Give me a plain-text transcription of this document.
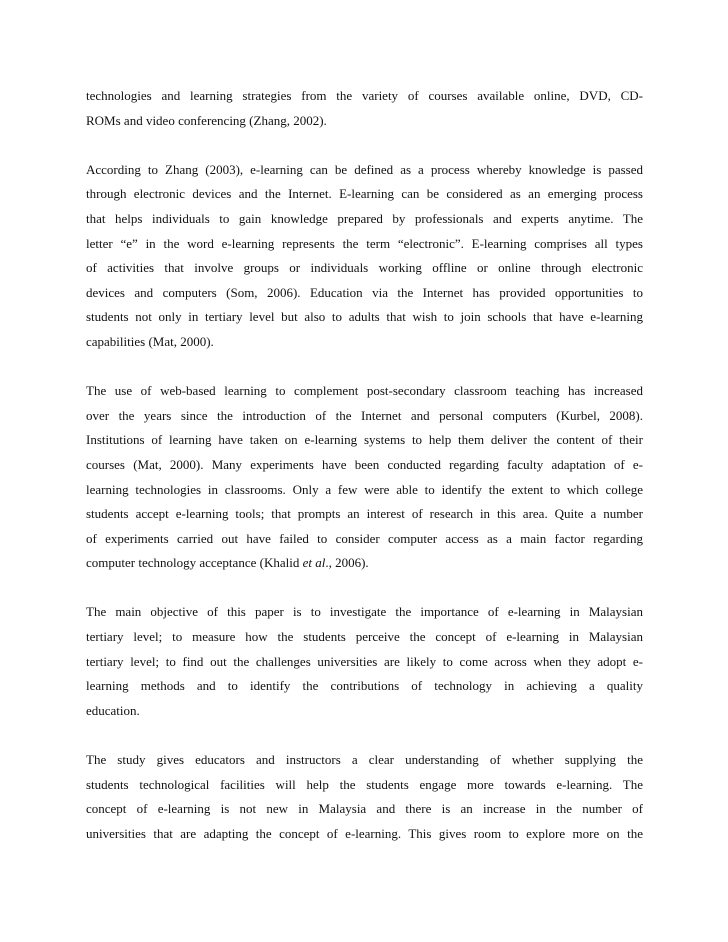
technologies and learning strategies from the variety of courses available online, DVD, CD-
ROMs and video conferencing (Zhang, 2002).
According to Zhang (2003), e-learning can be defined as a process whereby knowledge is passed
through electronic devices and the Internet. E-learning can be considered as an emerging process
that helps individuals to gain knowledge prepared by professionals and experts anytime. The
letter “e” in the word e-learning represents the term “electronic”. E-learning comprises all types
of activities that involve groups or individuals working offline or online through electronic
devices and computers (Som, 2006). Education via the Internet has provided opportunities to
students not only in tertiary level but also to adults that wish to join schools that have e-learning
capabilities (Mat, 2000).
The use of web-based learning to complement post-secondary classroom teaching has increased
over the years since the introduction of the Internet and personal computers (Kurbel, 2008).
Institutions of learning have taken on e-learning systems to help them deliver the content of their
courses (Mat, 2000). Many experiments have been conducted regarding faculty adaptation of e-
learning technologies in classrooms. Only a few were able to identify the extent to which college
students accept e-learning tools; that prompts an interest of research in this area. Quite a number
of experiments carried out have failed to consider computer access as a main factor regarding
computer technology acceptance (Khalid et al., 2006).
The main objective of this paper is to investigate the importance of e-learning in Malaysian
tertiary level; to measure how the students perceive the concept of e-learning in Malaysian
tertiary level; to find out the challenges universities are likely to come across when they adopt e-
learning methods and to identify the contributions of technology in achieving a quality
education.
The study gives educators and instructors a clear understanding of whether supplying the
students technological facilities will help the students engage more towards e-learning. The
concept of e-learning is not new in Malaysia and there is an increase in the number of
universities that are adapting the concept of e-learning. This gives room to explore more on the
